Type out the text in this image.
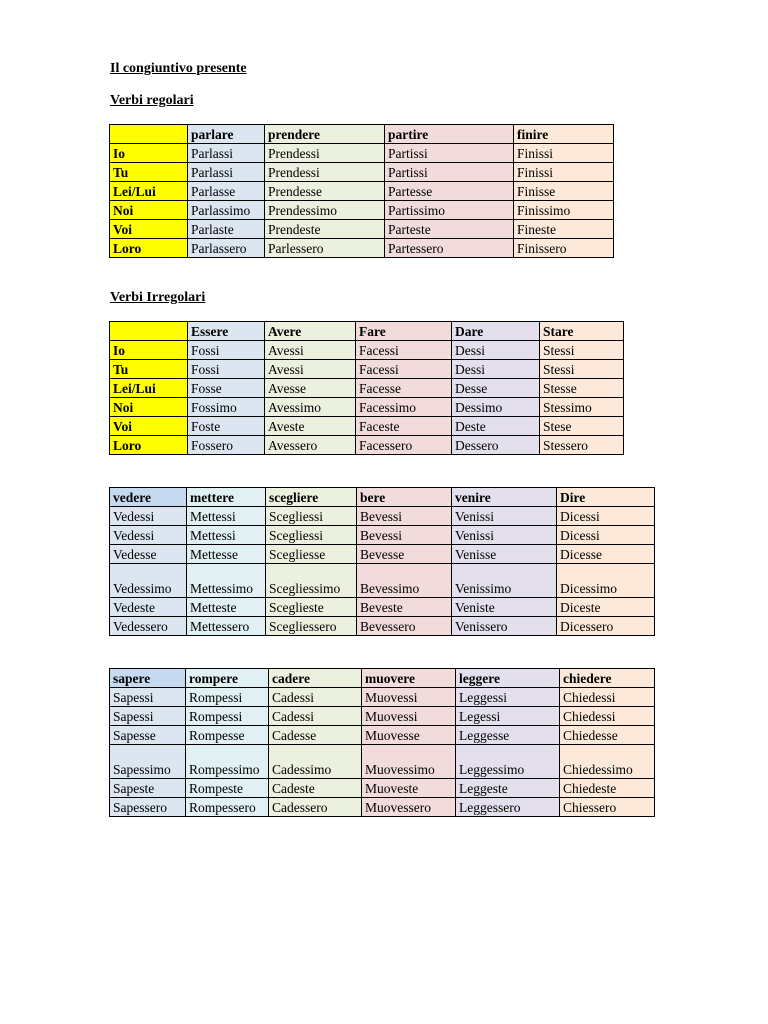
Il congiuntivo presente
Verbi regolari
	parlare	prendere	partire	finire
Io	Parlassi	Prendessi	Partissi	Finissi
Tu	Parlassi	Prendessi	Partissi	Finissi
Lei/Lui	Parlasse	Prendesse	Partesse	Finisse
Noi	Parlassimo	Prendessimo	Partissimo	Finissimo
Voi	Parlaste	Prendeste	Parteste	Fineste
Loro	Parlassero	Parlessero	Partessero	Finissero
Verbi Irregolari
	Essere	Avere	Fare	Dare	Stare
Io	Fossi	Avessi	Facessi	Dessi	Stessi
Tu	Fossi	Avessi	Facessi	Dessi	Stessi
Lei/Lui	Fosse	Avesse	Facesse	Desse	Stesse
Noi	Fossimo	Avessimo	Facessimo	Dessimo	Stessimo
Voi	Foste	Aveste	Faceste	Deste	Stese
Loro	Fossero	Avessero	Facessero	Dessero	Stessero
vedere	mettere	scegliere	bere	venire	Dire
Vedessi	Mettessi	Scegliessi	Bevessi	Venissi	Dicessi
Vedessi	Mettessi	Scegliessi	Bevessi	Venissi	Dicessi
Vedesse	Mettesse	Scegliesse	Bevesse	Venisse	Dicesse
Vedessimo	Mettessimo	Scegliessimo	Bevessimo	Venissimo	Dicessimo
Vedeste	Metteste	Sceglieste	Beveste	Veniste	Diceste
Vedessero	Mettessero	Scegliessero	Bevessero	Venissero	Dicessero
sapere	rompere	cadere	muovere	leggere	chiedere
Sapessi	Rompessi	Cadessi	Muovessi	Leggessi	Chiedessi
Sapessi	Rompessi	Cadessi	Muovessi	Legessi	Chiedessi
Sapesse	Rompesse	Cadesse	Muovesse	Leggesse	Chiedesse
Sapessimo	Rompessimo	Cadessimo	Muovessimo	Leggessimo	Chiedessimo
Sapeste	Rompeste	Cadeste	Muoveste	Leggeste	Chiedeste
Sapessero	Rompessero	Cadessero	Muovessero	Leggessero	Chiessero
